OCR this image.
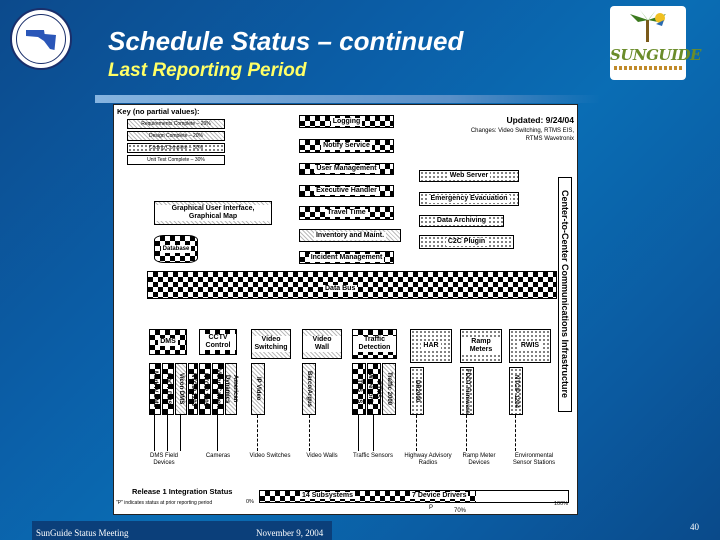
Schedule Status – continued
Last Reporting Period
SUNGUIDE
Key (no partial values):
Requirements Complete – 20%
Design Complete – 20%
Coding Complete – 30%
Unit Test Complete – 30%
Updated: 9/24/04
Changes: Video Switching, RTMS EIS, RTMS Wavetronix
Logging
Notify Service
User Management
Executive Handler
Travel Time
Inventory and Maint.
Incident Management
Web Server
Emergency Evacuation
Data Archiving
C2C Plugin
Graphical User Interface, Graphical Map
Database	Center-to-Center Communications Infrastructure
Data Bus
DMS
CCTV Control
Video Switching
Video Wall
Traffic Detection	HAR
Ramp Meters
RWIS
Mark IV DMS	FDOT DMS	Vicon DMS	NTCIP 1203	NTCIP 1205	Vicon Camera	American Dynamics	IP Video	Barco/Argus	RTMS EIS	RTMS Wavetronix	Traffic 2000	DR2000	FDOT Firmware	NTCIP 1204
DMS Field Devices
Cameras	Video Switches	Video Walls	Traffic Sensors	Highway Advisory Radios
Ramp Meter Devices
Environmental Sensor Stations
Release 1 Integration Status
"P" indicates status at prior reporting period
14 Subsystems	7 Device Drivers
0%	100%
P	70%
SunGuide Status Meeting	November 9, 2004
40
